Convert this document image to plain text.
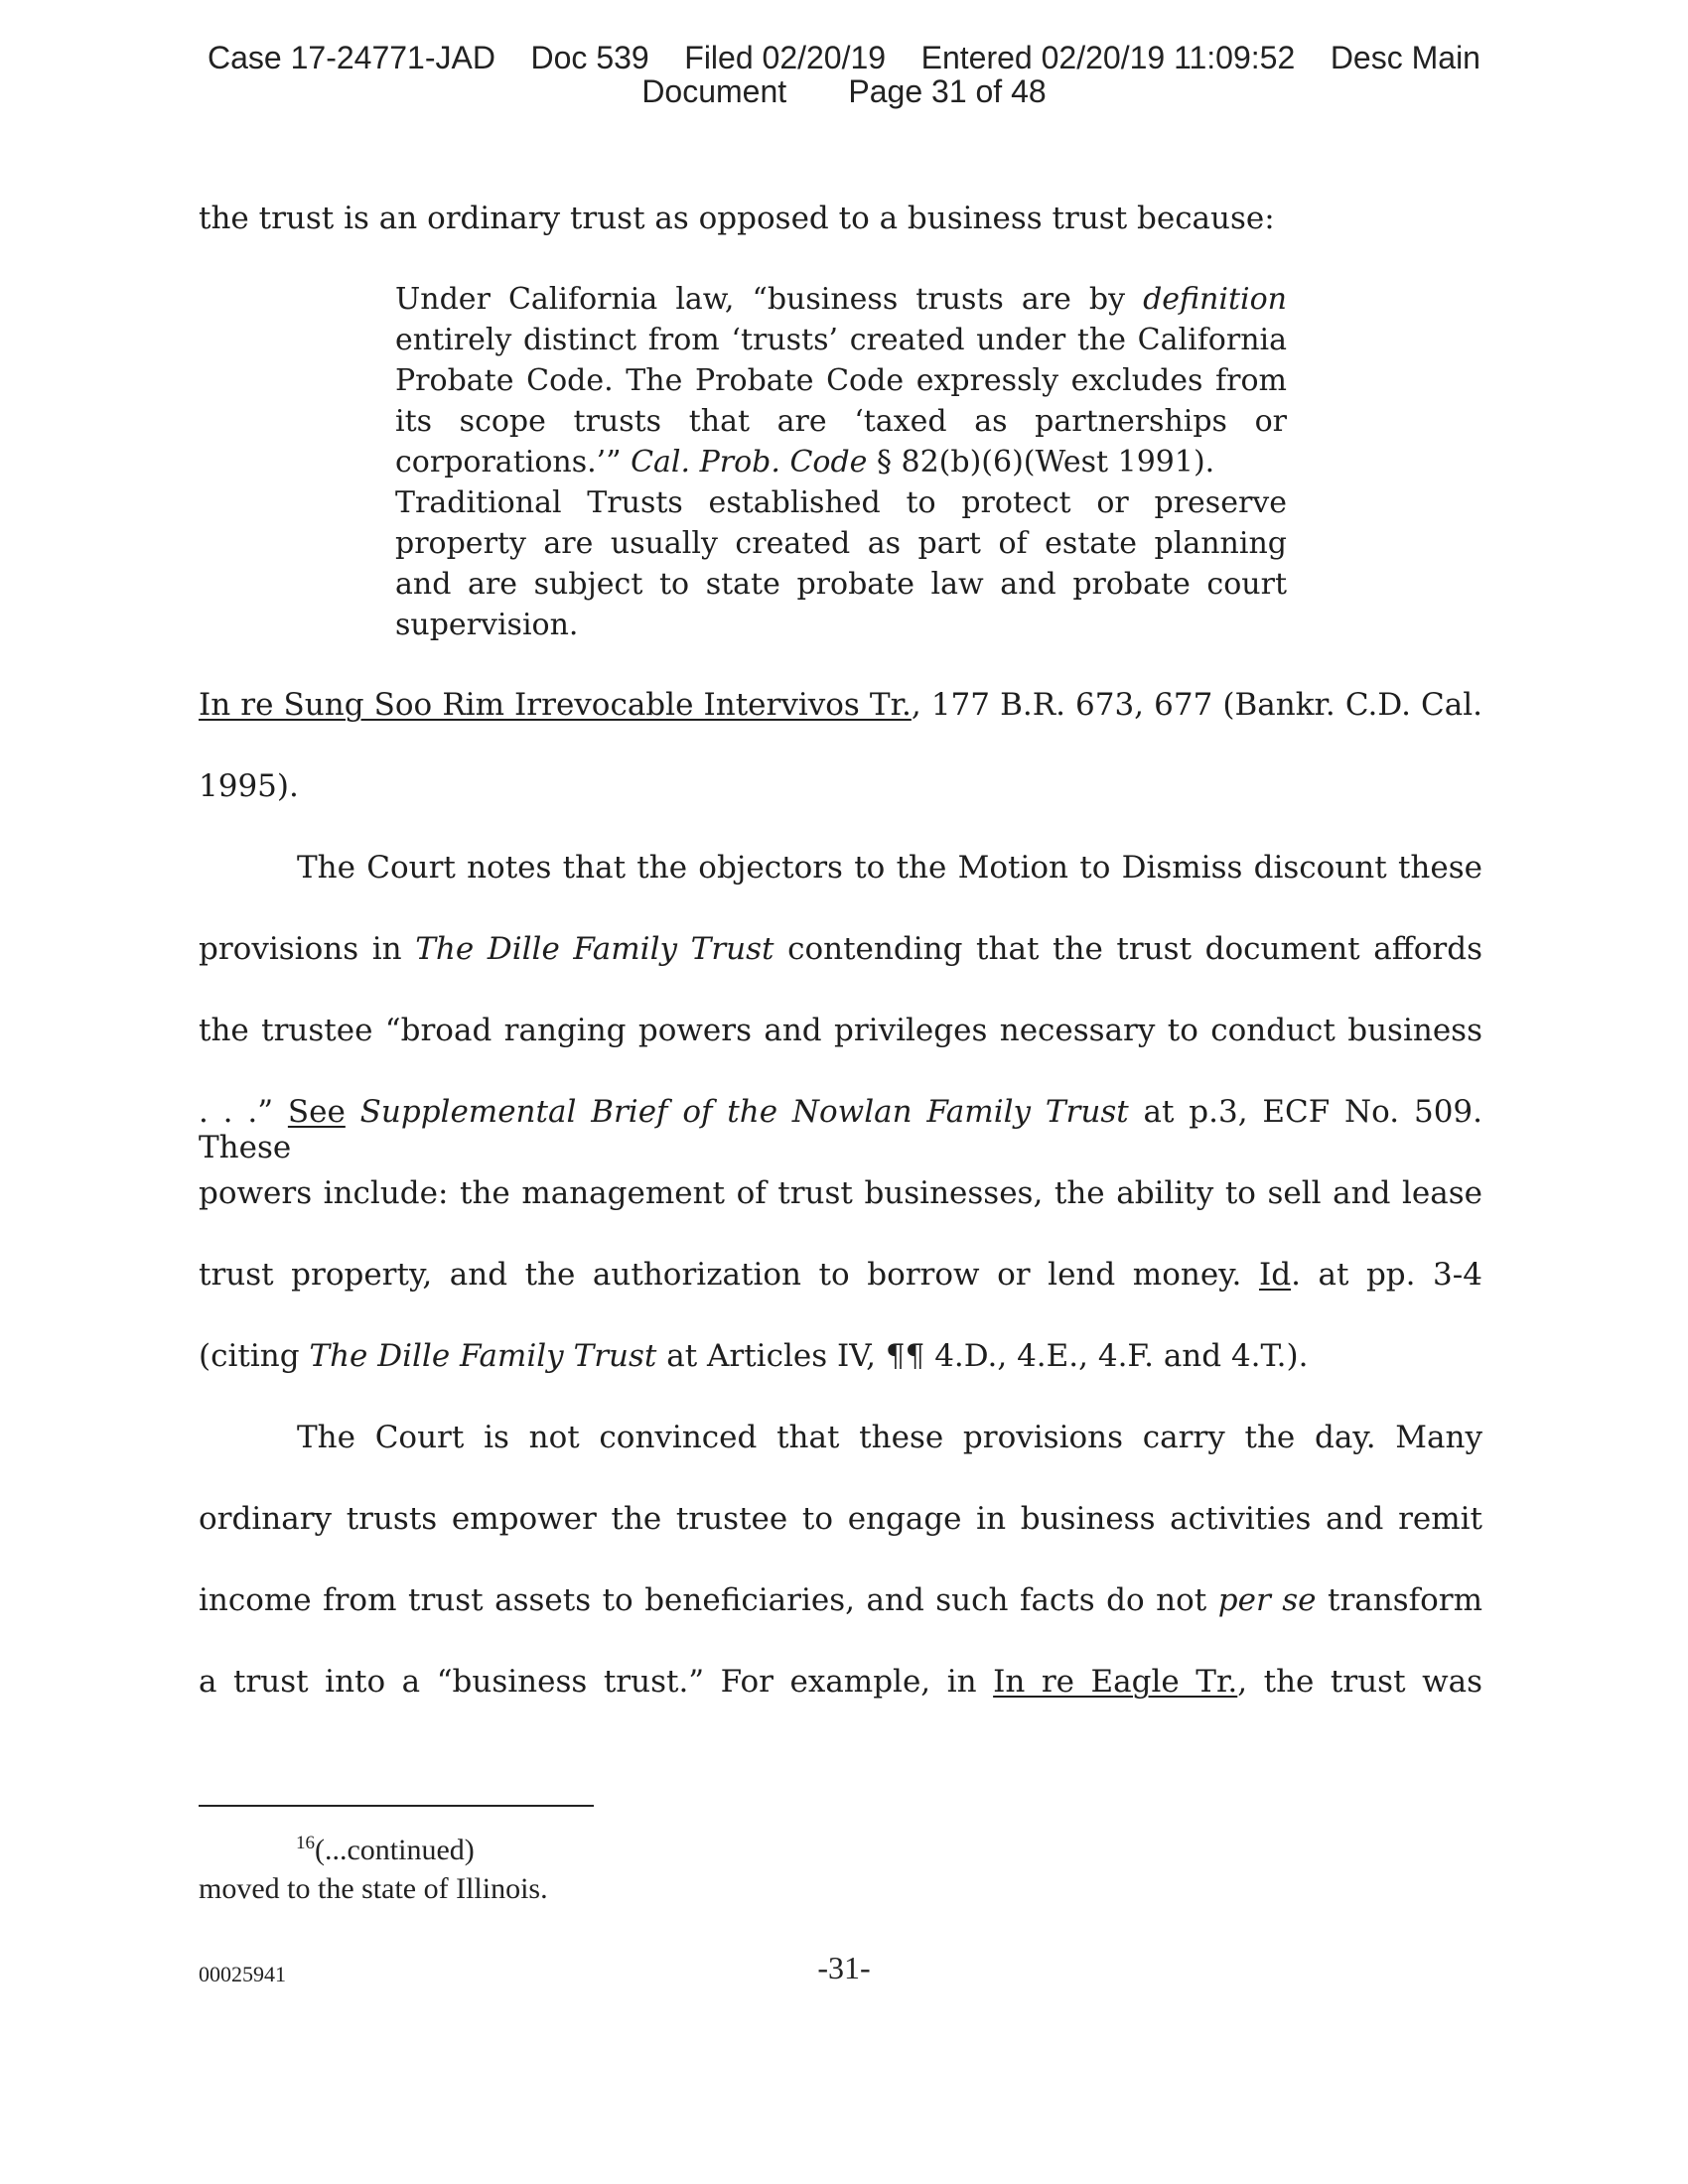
Case 17-24771-JAD Doc 539 Filed 02/20/19 Entered 02/20/19 11:09:52 Desc Main
Document Page 31 of 48
the trust is an ordinary trust as opposed to a business trust because:
Under California law, “business trusts are by definition
entirely distinct from ‘trusts’ created under the California
Probate Code. The Probate Code expressly excludes from
its scope trusts that are ‘taxed as partnerships or
corporations.’” Cal. Prob. Code § 82(b)(6)(West 1991).
Traditional Trusts established to protect or preserve
property are usually created as part of estate planning
and are subject to state probate law and probate court
supervision.
In re Sung Soo Rim Irrevocable Intervivos Tr., 177 B.R. 673, 677 (Bankr. C.D. Cal.
1995).
The Court notes that the objectors to the Motion to Dismiss discount these
provisions in The Dille Family Trust contending that the trust document affords
the trustee “broad ranging powers and privileges necessary to conduct business
. . .” See Supplemental Brief of the Nowlan Family Trust at p.3, ECF No. 509. These
powers include: the management of trust businesses, the ability to sell and lease
trust property, and the authorization to borrow or lend money. Id. at pp. 3-4
(citing The Dille Family Trust at Articles IV, ¶¶ 4.D., 4.E., 4.F. and 4.T.).
The Court is not convinced that these provisions carry the day. Many
ordinary trusts empower the trustee to engage in business activities and remit
income from trust assets to beneficiaries, and such facts do not per se transform
a trust into a “business trust.” For example, in In re Eagle Tr., the trust was
$^{16}$(...continued)
moved to the state of Illinois.
00025941	-31-
